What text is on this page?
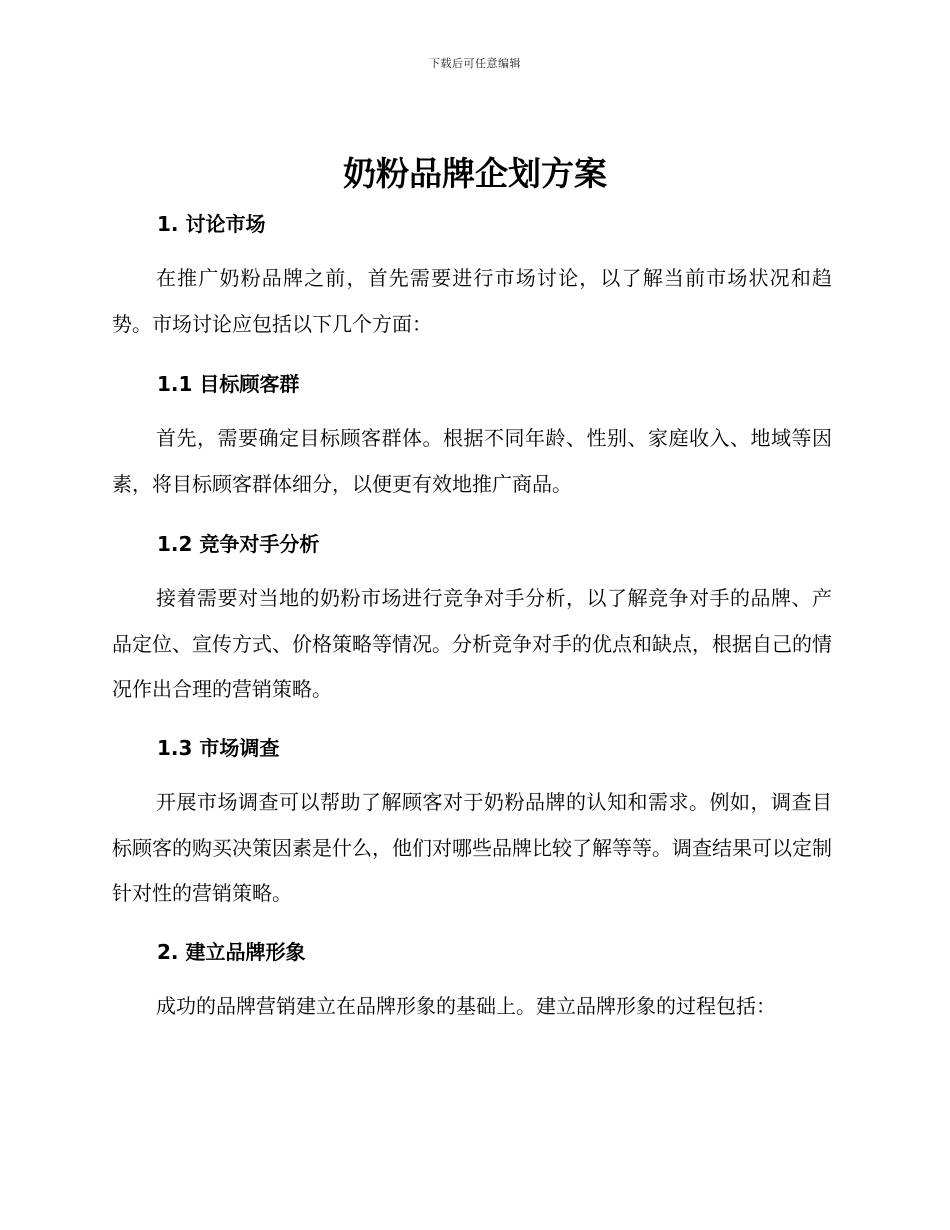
下载后可任意编辑
奶粉品牌企划方案
1. 讨论市场

在推广奶粉品牌之前，首先需要进行市场讨论，以了解当前市场状况和趋势。市场讨论应包括以下几个方面：

1.1 目标顾客群

首先，需要确定目标顾客群体。根据不同年龄、性别、家庭收入、地域等因素，将目标顾客群体细分，以便更有效地推广商品。

1.2 竞争对手分析

接着需要对当地的奶粉市场进行竞争对手分析，以了解竞争对手的品牌、产品定位、宣传方式、价格策略等情况。分析竞争对手的优点和缺点，根据自己的情况作出合理的营销策略。

1.3 市场调查

开展市场调查可以帮助了解顾客对于奶粉品牌的认知和需求。例如，调查目标顾客的购买决策因素是什么，他们对哪些品牌比较了解等等。调查结果可以定制针对性的营销策略。

2. 建立品牌形象

成功的品牌营销建立在品牌形象的基础上。建立品牌形象的过程包括：
